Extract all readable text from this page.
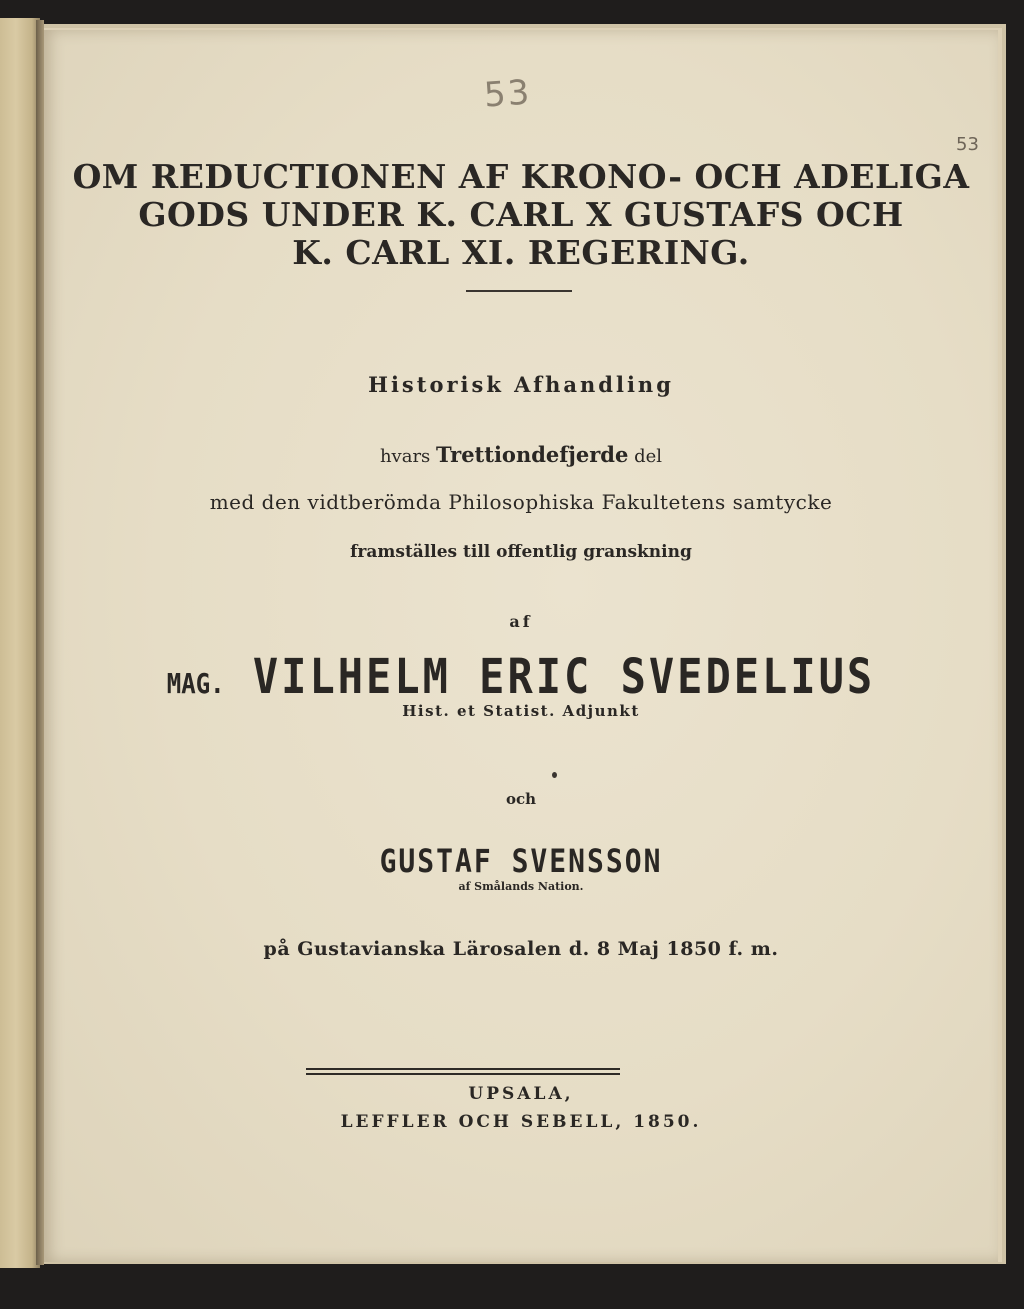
53
53
OM REDUCTIONEN AF KRONO- OCH ADELIGA
GODS UNDER K. CARL X GUSTAFS OCH
K. CARL XI. REGERING.
Historisk Afhandling
hvars Trettiondefjerde del
med den vidtberömda Philosophiska Fakultetens samtycke
framställes till offentlig granskning
af
MAG. VILHELM ERIC SVEDELIUS
Hist. et Statist. Adjunkt
och
GUSTAF SVENSSON
af Smålands Nation.
på Gustavianska Lärosalen d. 8 Maj 1850 f. m.
UPSALA,
LEFFLER OCH SEBELL, 1850.
